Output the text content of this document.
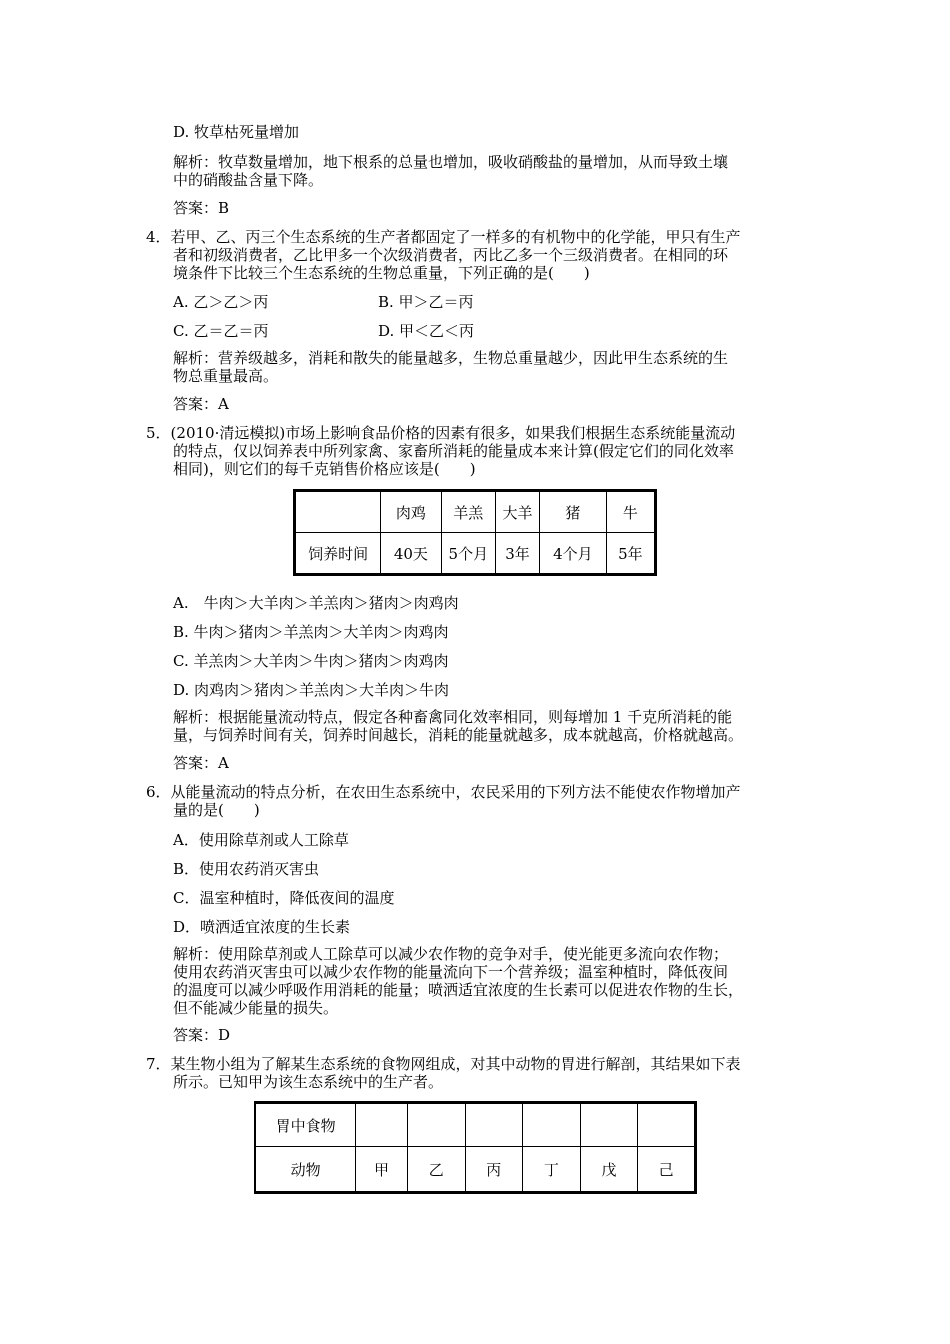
D. 牧草枯死量增加
解析：牧草数量增加，地下根系的总量也增加，吸收硝酸盐的量增加，从而导致土壤
中的硝酸盐含量下降。
答案：B
4．若甲、乙、丙三个生态系统的生产者都固定了一样多的有机物中的化学能，甲只有生产
者和初级消费者，乙比甲多一个次级消费者，丙比乙多一个三级消费者。在相同的环
境条件下比较三个生态系统的生物总重量，下列正确的是(　　)
A. 乙＞乙＞丙	B. 甲＞乙＝丙
C. 乙＝乙＝丙	D. 甲＜乙＜丙
解析：营养级越多，消耗和散失的能量越多，生物总重量越少，因此甲生态系统的生
物总重量最高。
答案：A
5．(2010·清远模拟)市场上影响食品价格的因素有很多，如果我们根据生态系统能量流动
的特点，仅以饲养表中所列家禽、家畜所消耗的能量成本来计算(假定它们的同化效率
相同)，则它们的每千克销售价格应该是(　　)
	肉鸡	羊羔	大羊	猪	牛
饲养时间	40天	5个月	3年	4个月	5年
A.　牛肉＞大羊肉＞羊羔肉＞猪肉＞肉鸡肉
B. 牛肉＞猪肉＞羊羔肉＞大羊肉＞肉鸡肉
C. 羊羔肉＞大羊肉＞牛肉＞猪肉＞肉鸡肉
D. 肉鸡肉＞猪肉＞羊羔肉＞大羊肉＞牛肉
解析：根据能量流动特点，假定各种畜禽同化效率相同，则每增加 1 千克所消耗的能
量，与饲养时间有关，饲养时间越长，消耗的能量就越多，成本就越高，价格就越高。
答案：A
6．从能量流动的特点分析，在农田生态系统中，农民采用的下列方法不能使农作物增加产
量的是(　　)
A．使用除草剂或人工除草
B．使用农药消灭害虫
C．温室种植时，降低夜间的温度
D．喷洒适宜浓度的生长素
解析：使用除草剂或人工除草可以减少农作物的竞争对手，使光能更多流向农作物；
使用农药消灭害虫可以减少农作物的能量流向下一个营养级；温室种植时，降低夜间
的温度可以减少呼吸作用消耗的能量；喷洒适宜浓度的生长素可以促进农作物的生长，
但不能减少能量的损失。
答案：D
7．某生物小组为了解某生态系统的食物网组成，对其中动物的胃进行解剖，其结果如下表
所示。已知甲为该生态系统中的生产者。
胃中食物						
动物	甲	乙	丙	丁	戊	己
